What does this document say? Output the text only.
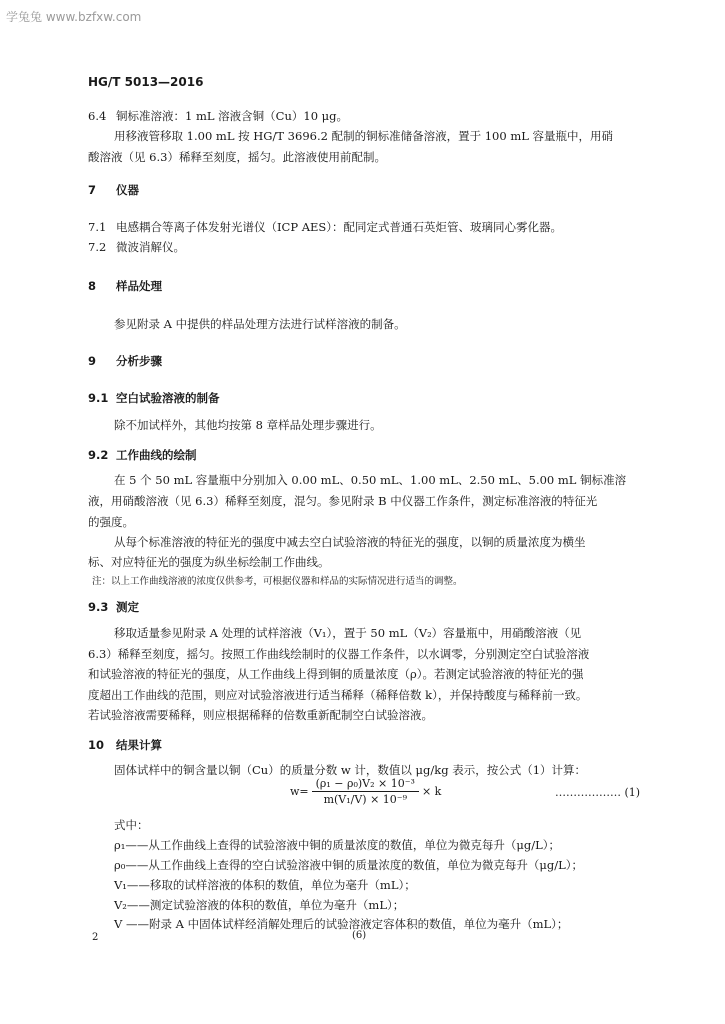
学兔兔 www.bzfxw.com
HG/T 5013—2016
6.4 铜标准溶液：1 mL 溶液含铜（Cu）10 μg。
用移液管移取 1.00 mL 按 HG/T 3696.2 配制的铜标准储备溶液，置于 100 mL 容量瓶中，用硝
酸溶液（见 6.3）稀释至刻度，摇匀。此溶液使用前配制。
7 仪器
7.1 电感耦合等离子体发射光谱仪（ICP AES）：配同定式普通石英炬管、玻璃同心雾化器。
7.2 微波消解仪。
8 样品处理
参见附录 A 中提供的样品处理方法进行试样溶液的制备。
9 分析步骤
9.1 空白试验溶液的制备
除不加试样外，其他均按第 8 章样品处理步骤进行。
9.2 工作曲线的绘制
在 5 个 50 mL 容量瓶中分别加入 0.00 mL、0.50 mL、1.00 mL、2.50 mL、5.00 mL 铜标准溶
液，用硝酸溶液（见 6.3）稀释至刻度，混匀。参见附录 B 中仪器工作条件，测定标准溶液的特征光
的强度。
从每个标准溶液的特征光的强度中减去空白试验溶液的特征光的强度，以铜的质量浓度为横坐
标、对应特征光的强度为纵坐标绘制工作曲线。
注：以上工作曲线溶液的浓度仅供参考，可根据仪器和样品的实际情况进行适当的调整。
9.3 测定
移取适量参见附录 A 处理的试样溶液（V₁），置于 50 mL（V₂）容量瓶中，用硝酸溶液（见
6.3）稀释至刻度，摇匀。按照工作曲线绘制时的仪器工作条件，以水调零，分别测定空白试验溶液
和试验溶液的特征光的强度，从工作曲线上得到铜的质量浓度（ρ）。若测定试验溶液的特征光的强
度超出工作曲线的范围，则应对试验溶液进行适当稀释（稀释倍数 k），并保持酸度与稀释前一致。
若试验溶液需要稀释，则应根据稀释的倍数重新配制空白试验溶液。
10 结果计算
固体试样中的铜含量以铜（Cu）的质量分数 w 计，数值以 μg/kg 表示，按公式（1）计算：
$w= \frac{\text{(ρ₁ − ρ₀)V₂ × 10⁻³}}{\text{m(V₁/V) × 10⁻⁹}} \times k$	……………… (1)
式中：
ρ₁——从工作曲线上查得的试验溶液中铜的质量浓度的数值，单位为微克每升（μg/L）；
ρ₀——从工作曲线上查得的空白试验溶液中铜的质量浓度的数值，单位为微克每升（μg/L）；
V₁——移取的试样溶液的体积的数值，单位为毫升（mL）；
V₂——测定试验溶液的体积的数值，单位为毫升（mL）；
V ——附录 A 中固体试样经消解处理后的试验溶液定容体积的数值，单位为毫升（mL）；
2	(6)
